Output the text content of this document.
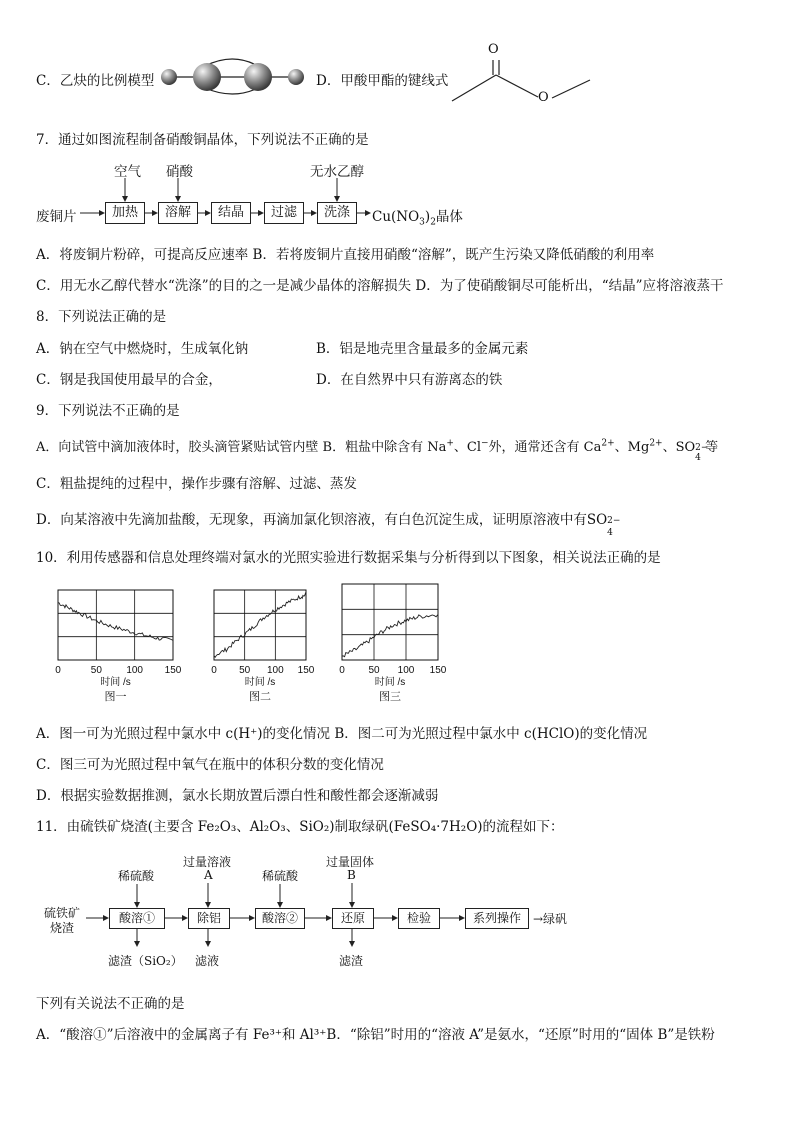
C．乙炔的比例模型
O
O
D．甲酸甲酯的键线式
7．通过如图流程制备硝酸铜晶体，下列说法不正确的是
空气 硝酸	无水乙醇
废铜片	加热	溶解	结晶	过滤	洗涤	$Cu(NO_3)_2$晶体
A．将废铜片粉碎，可提高反应速率 B．若将废铜片直接用硝酸“溶解”，既产生污染又降低硝酸的利用率
C．用无水乙醇代替水“洗涤”的目的之一是减少晶体的溶解损失 D．为了使硝酸铜尽可能析出，“结晶”应将溶液蒸干
8．下列说法正确的是
A．钠在空气中燃烧时，生成氧化钠	B．铝是地壳里含量最多的金属元素
C．钢是我国使用最早的合金，	D．在自然界中只有游离态的铁
9．下列说法不正确的是
A．向试管中滴加液体时，胶头滴管紧贴试管内壁 B．粗盐中除含有 Na+、Cl−外，通常还含有 $Ca^{2+}$、$Mg^{2+}$、SO 2−
4
等
C．粗盐提纯的过程中，操作步骤有溶解、过滤、蒸发
D．向某溶液中先滴加盐酸，无现象，再滴加氯化钡溶液，有白色沉淀生成，证明原溶液中有SO 2−
4
10．利用传感器和信息处理终端对氯水的光照实验进行数据采集与分析得到以下图象，相关说法正确的是
0	50 100 150
时间 /s
图一
0 50 100 150
时间 /s
图二
0 50 100 150
时间 /s
图三
A．图一可为光照过程中氯水中 c(H⁺)的变化情况 B．图二可为光照过程中氯水中 c(HClO)的变化情况
C．图三可为光照过程中氧气在瓶中的体积分数的变化情况
D．根据实验数据推测，氯水长期放置后漂白性和酸性都会逐渐减弱
11．由硫铁矿烧渣(主要含 Fe₂O₃、Al₂O₃、SiO₂)制取绿矾(FeSO₄·7H₂O)的流程如下：
过量溶液
A
过量固体
B
稀硫酸	稀硫酸
硫铁矿
烧渣
酸溶①	除铝	酸溶②	还原	检验	系列操作	→绿矾
滤渣（SiO₂） 滤液	滤渣
下列有关说法不正确的是
A．“酸溶①”后溶液中的金属离子有 Fe³⁺和 Al³⁺B．“除铝”时用的“溶液 A”是氨水，“还原”时用的“固体 B”是铁粉
